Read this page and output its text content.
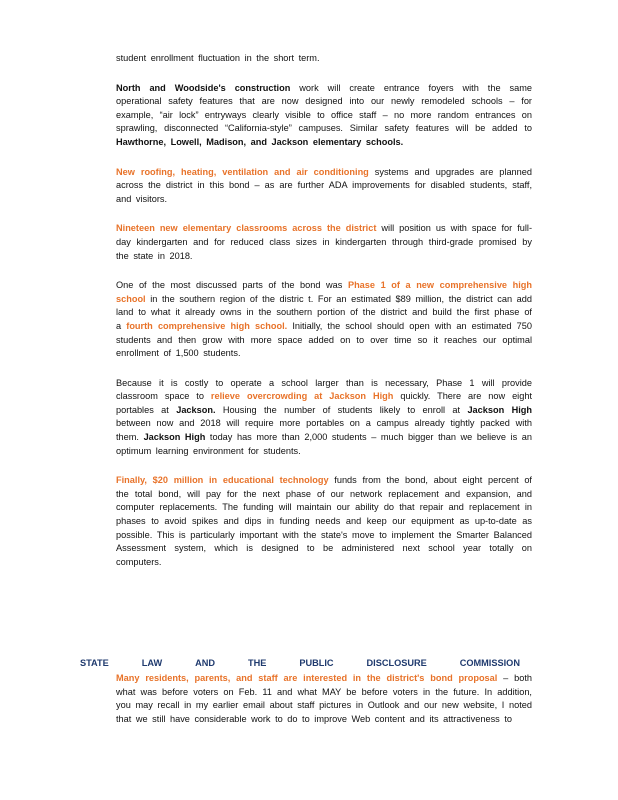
student enrollment fluctuation in the short term.

North and Woodside's construction work will create entrance foyers with the same operational safety features that are now designed into our newly remodeled schools – for example, “air lock” entryways clearly visible to office staff – no more random entrances on sprawling, disconnected “California-style” campuses. Similar safety features will be added to Hawthorne, Lowell, Madison, and Jackson elementary schools.

New roofing, heating, ventilation and air conditioning systems and upgrades are planned across the district in this bond – as are further ADA improvements for disabled students, staff, and visitors.

Nineteen new elementary classrooms across the district will position us with space for full-day kindergarten and for reduced class sizes in kindergarten through third-grade promised by the state in 2018.

One of the most discussed parts of the bond was Phase 1 of a new comprehensive high school in the southern region of the distric t. For an estimated $89 million, the district can add land to what it already owns in the southern portion of the district and build the first phase of a fourth comprehensive high school. Initially, the school should open with an estimated 750 students and then grow with more space added on to over time so it reaches our optimal enrollment of 1,500 students.

Because it is costly to operate a school larger than is necessary, Phase 1 will provide classroom space to relieve overcrowding at Jackson High quickly. There are now eight portables at Jackson. Housing the number of students likely to enroll at Jackson High between now and 2018 will require more portables on a campus already tightly packed with them. Jackson High today has more than 2,000 students – much bigger than we believe is an optimum learning environment for students.

Finally, $20 million in educational technology funds from the bond, about eight percent of the total bond, will pay for the next phase of our network replacement and expansion, and computer replacements. The funding will maintain our ability do that repair and replacement in phases to avoid spikes and dips in funding needs and keep our equipment as up-to-date as possible. This is particularly important with the state's move to implement the Smarter Balanced Assessment system, which is designed to be administered next school year totally on computers.

STATE	LAW	AND	THE	PUBLIC	DISCLOSURE	COMMISSION

Many residents, parents, and staff are interested in the district's bond proposal – both what was before voters on Feb. 11 and what MAY be before voters in the future. In addition, you may recall in my earlier email about staff pictures in Outlook and our new website, I noted that we still have considerable work to do to improve Web content and its attractiveness to
